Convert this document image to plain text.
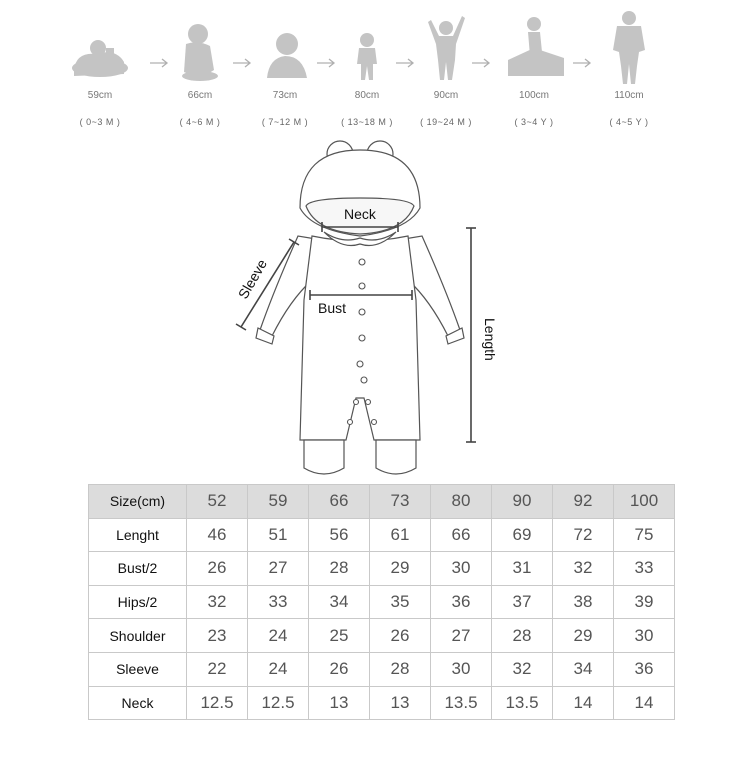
59cm
( 0~3 M )
66cm
( 4~6 M )
73cm
( 7~12 M )
80cm
( 13~18 M )
90cm
( 19~24 M )
100cm
( 3~4 Y )
110cm
( 4~5 Y )
Neck
Bust
Sleeve
Length
Size(cm)	52	59	66	73	80	90	92	100
Lenght	46	51	56	61	66	69	72	75
Bust/2	26	27	28	29	30	31	32	33
Hips/2	32	33	34	35	36	37	38	39
Shoulder	23	24	25	26	27	28	29	30
Sleeve	22	24	26	28	30	32	34	36
Neck	12.5	12.5	13	13	13.5	13.5	14	14
